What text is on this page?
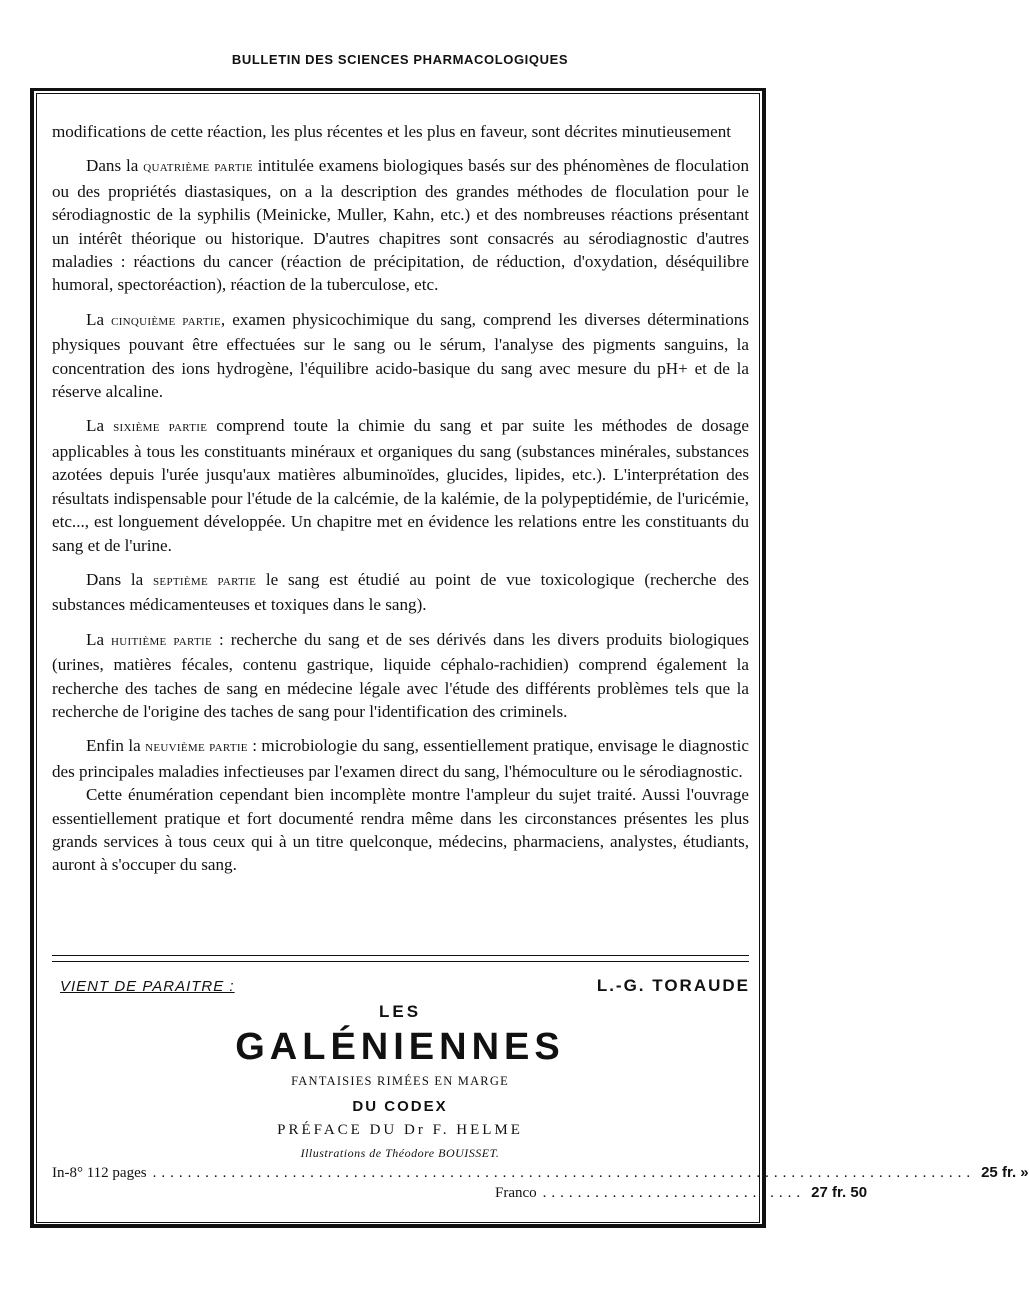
BULLETIN DES SCIENCES PHARMACOLOGIQUES

modifications de cette réaction, les plus récentes et les plus en faveur, sont décrites minutieusement

Dans la quatrième partie intitulée examens biologiques basés sur des phénomènes de floculation ou des propriétés diastasiques, on a la description des grandes méthodes de floculation pour le sérodiagnostic de la syphilis (Meinicke, Muller, Kahn, etc.) et des nombreuses réactions présentant un intérêt théorique ou historique. D'autres chapitres sont consacrés au sérodiagnostic d'autres maladies : réactions du cancer (réaction de précipitation, de réduction, d'oxydation, déséquilibre humoral, spectoréaction), réaction de la tuberculose, etc.

La cinquième partie, examen physicochimique du sang, comprend les diverses déterminations physiques pouvant être effectuées sur le sang ou le sérum, l'analyse des pigments sanguins, la concentration des ions hydrogène, l'équilibre acido-basique du sang avec mesure du pH+ et de la réserve alcaline.

La sixième partie comprend toute la chimie du sang et par suite les méthodes de dosage applicables à tous les constituants minéraux et organiques du sang (substances minérales, substances azotées depuis l'urée jusqu'aux matières albuminoïdes, glucides, lipides, etc.). L'interprétation des résultats indispensable pour l'étude de la calcémie, de la kalémie, de la polypeptidémie, de l'uricémie, etc..., est longuement développée. Un chapitre met en évidence les relations entre les constituants du sang et de l'urine.

Dans la septième partie le sang est étudié au point de vue toxicologique (recherche des substances médicamenteuses et toxiques dans le sang).

La huitième partie : recherche du sang et de ses dérivés dans les divers produits biologiques (urines, matières fécales, contenu gastrique, liquide céphalo-rachidien) comprend également la recherche des taches de sang en médecine légale avec l'étude des différents problèmes tels que la recherche de l'origine des taches de sang pour l'identification des criminels.

Enfin la neuvième partie : microbiologie du sang, essentiellement pratique, envisage le diagnostic des principales maladies infectieuses par l'examen direct du sang, l'hémoculture ou le sérodiagnostic.

Cette énumération cependant bien incomplète montre l'ampleur du sujet traité. Aussi l'ouvrage essentiellement pratique et fort documenté rendra même dans les circonstances présentes les plus grands services à tous ceux qui à un titre quelconque, médecins, pharmaciens, analystes, étudiants, auront à s'occuper du sang.

VIENT DE PARAITRE :	L.-G. TORAUDE
LES
GALÉNIENNES
FANTAISIES RIMÉES EN MARGE
DU CODEX
PRÉFACE DU Dr F. HELME
Illustrations de Théodore BOUISSET.
In-8° 112 pages .............................................................................................. 25 fr. »
Franco .............................. 27 fr. 50
